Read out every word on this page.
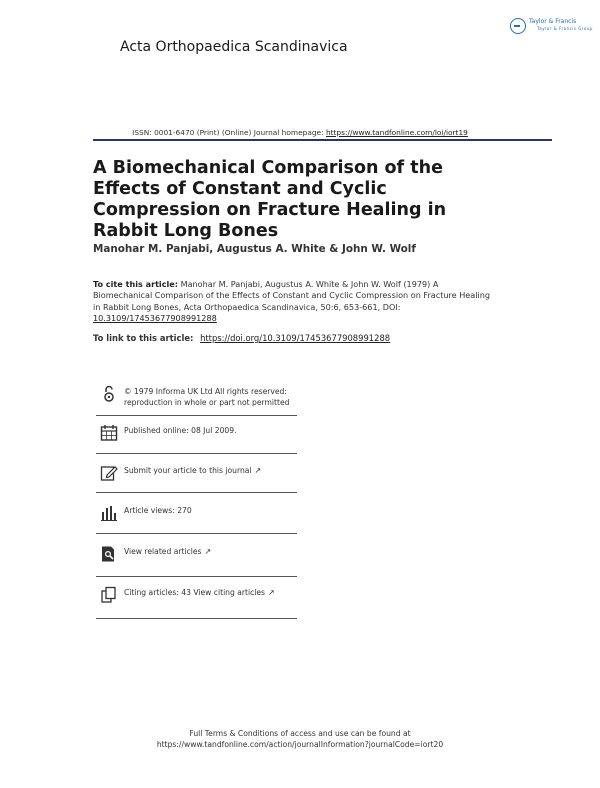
Acta Orthopaedica Scandinavica
Taylor & Francis
Taylor & Francis Group
ISSN: 0001-6470 (Print) (Online) Journal homepage: https://www.tandfonline.com/loi/iort19
A Biomechanical Comparison of the Effects of Constant and Cyclic Compression on Fracture Healing in Rabbit Long Bones
Manohar M. Panjabi, Augustus A. White & John W. Wolf
To cite this article: Manohar M. Panjabi, Augustus A. White & John W. Wolf (1979) A Biomechanical Comparison of the Effects of Constant and Cyclic Compression on Fracture Healing in Rabbit Long Bones, Acta Orthopaedica Scandinavica, 50:6, 653-661, DOI: 10.3109/17453677908991288
To link to this article: https://doi.org/10.3109/17453677908991288
© 1979 Informa UK Ltd All rights reserved: reproduction in whole or part not permitted
Published online: 08 Jul 2009.
Submit your article to this journal ↗
Article views: 270
View related articles ↗
Citing articles: 43 View citing articles ↗
Full Terms & Conditions of access and use can be found at
https://www.tandfonline.com/action/journalInformation?journalCode=iort20
